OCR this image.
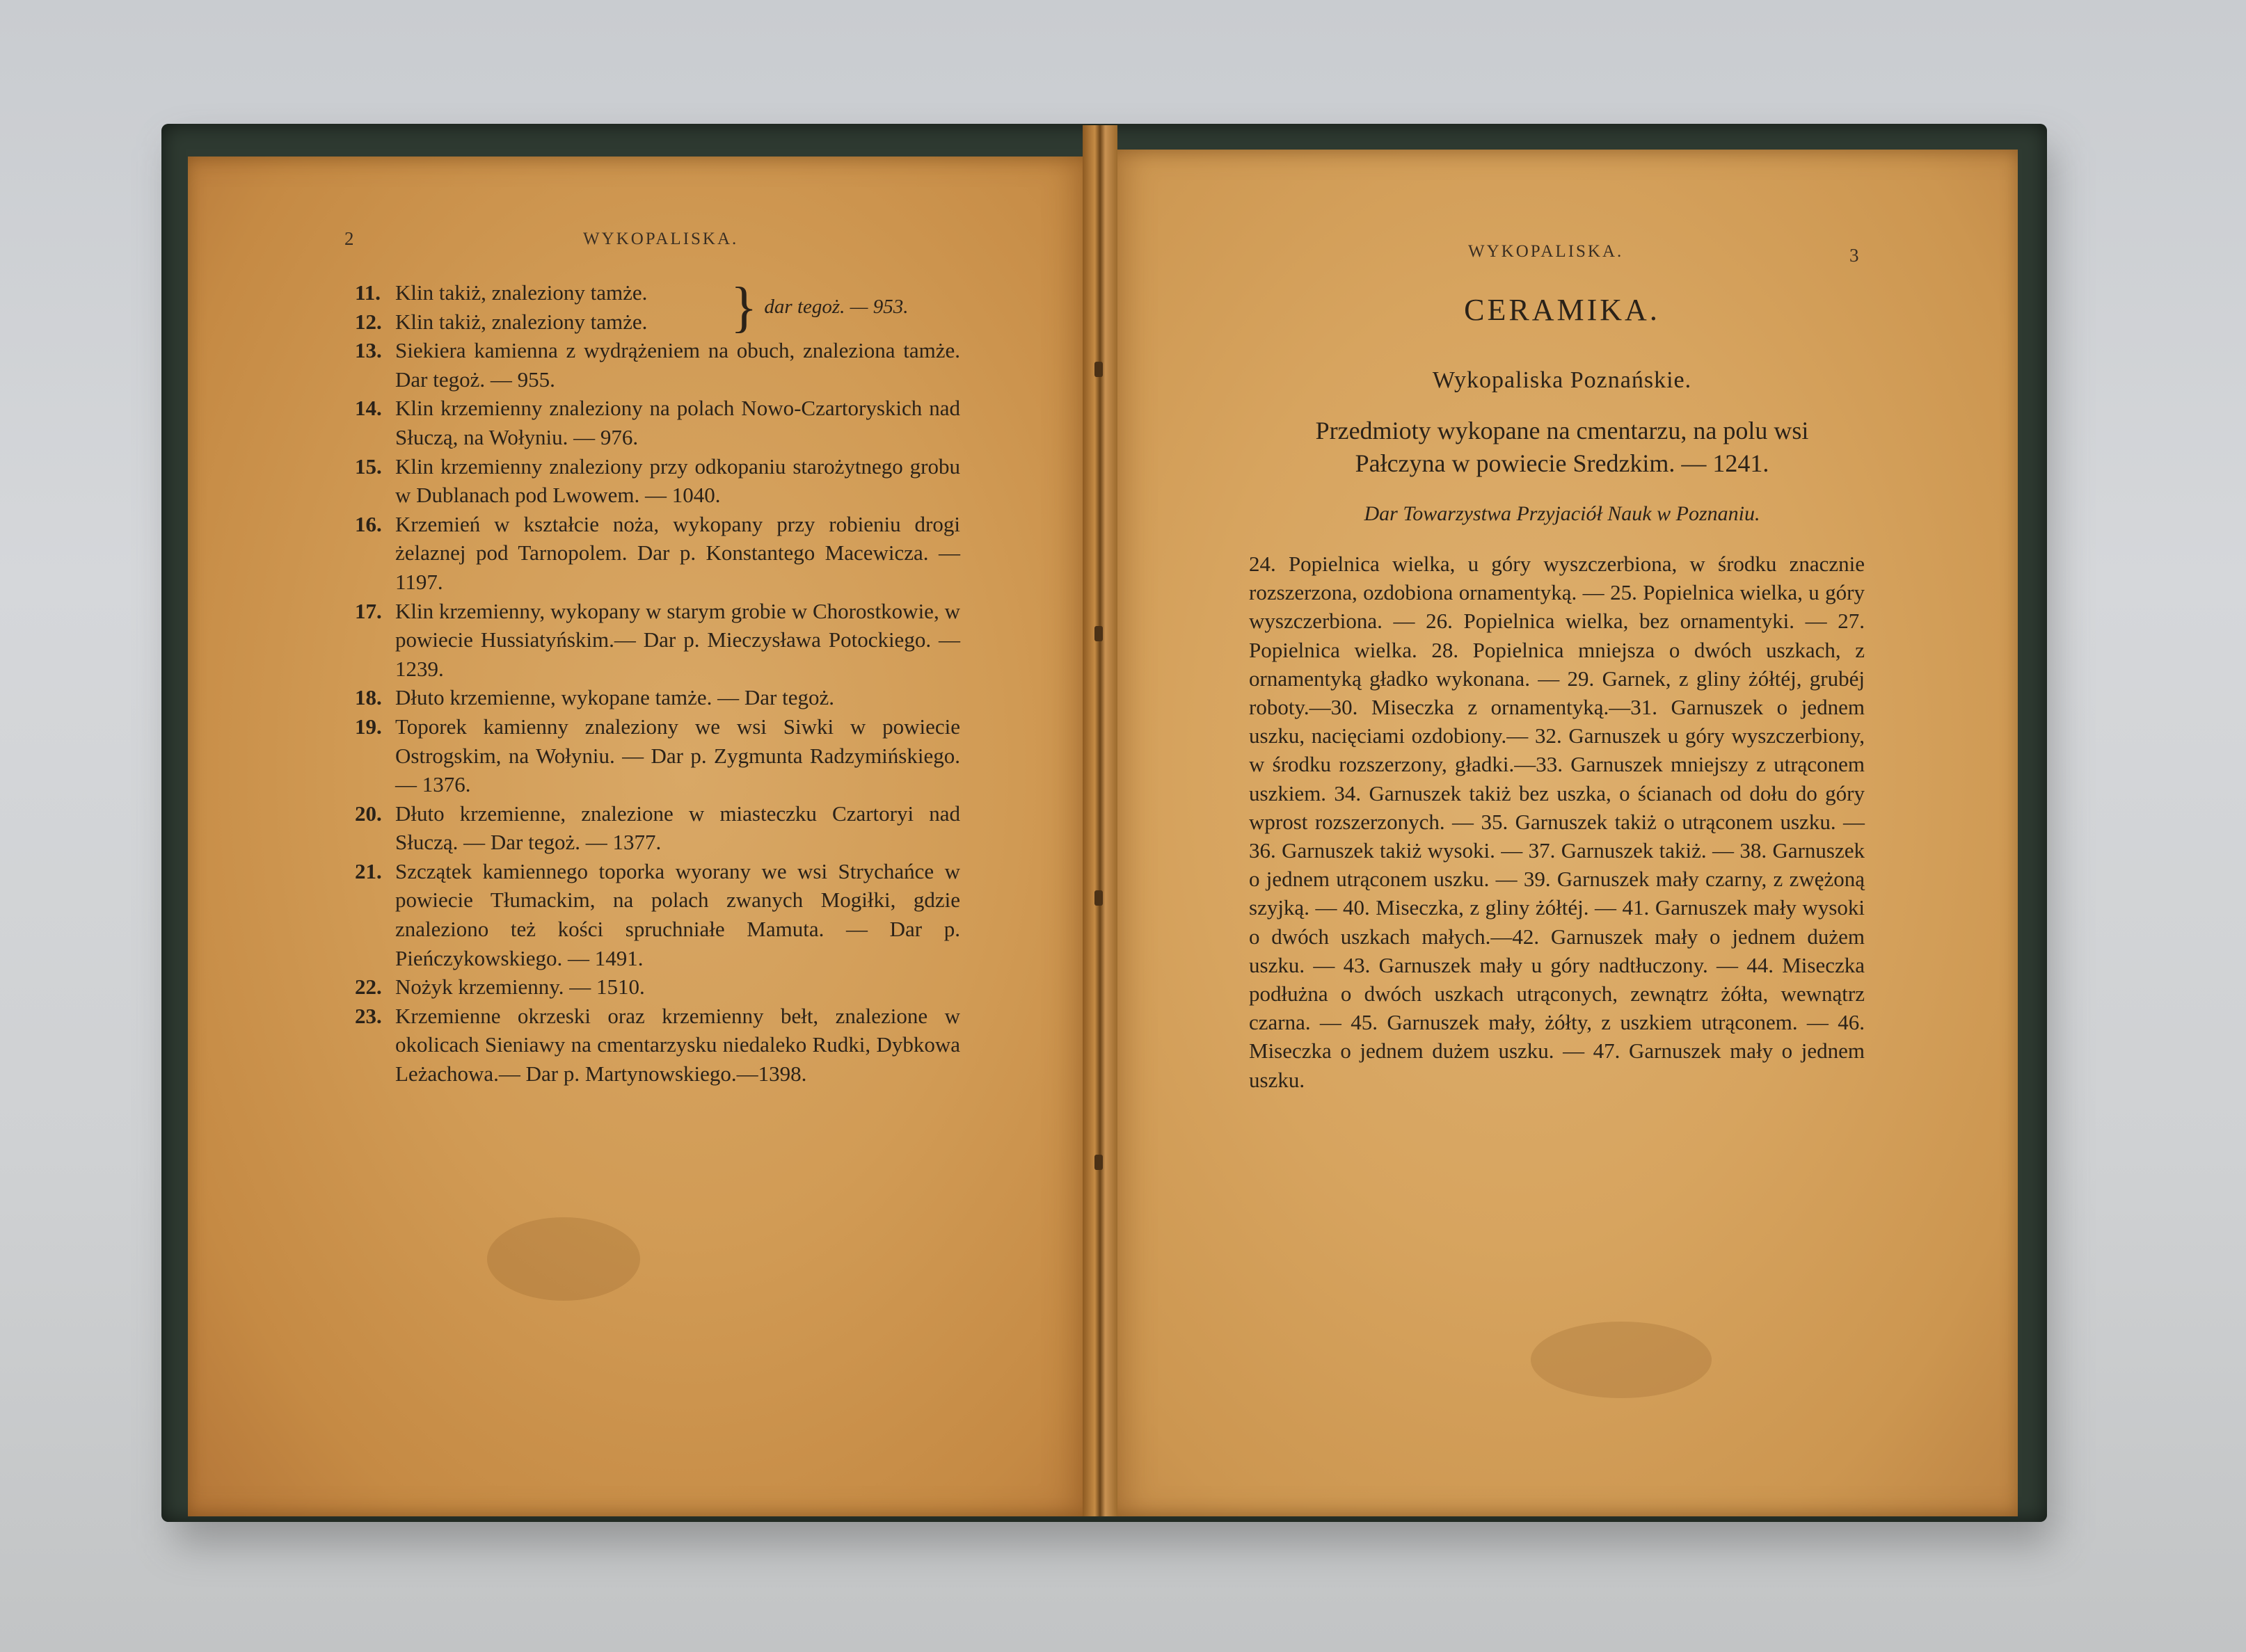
2	WYKOPALISKA.
11. Klin takiż, znaleziony tamże.
12. Klin takiż, znaleziony tamże.	} dar tegoż. — 953.
13. Siekiera kamienna z wydrążeniem na obuch, znaleziona tamże. Dar tegoż. — 955.
14. Klin krzemienny znaleziony na polach Nowo-Czartoryskich nad Słuczą, na Wołyniu. — 976.
15. Klin krzemienny znaleziony przy odkopaniu starożytnego grobu w Dublanach pod Lwowem. — 1040.
16. Krzemień w kształcie noża, wykopany przy robieniu drogi żelaznej pod Tarnopolem. Dar p. Konstantego Macewicza. — 1197.
17. Klin krzemienny, wykopany w starym grobie w Chorostkowie, w powiecie Hussiatyńskim.— Dar p. Mieczysława Potockiego. — 1239.
18. Dłuto krzemienne, wykopane tamże. — Dar tegoż.
19. Toporek kamienny znaleziony we wsi Siwki w powiecie Ostrogskim, na Wołyniu. — Dar p. Zygmunta Radzymińskiego. — 1376.
20. Dłuto krzemienne, znalezione w miasteczku Czartoryi nad Słuczą. — Dar tegoż. — 1377.
21. Szczątek kamiennego toporka wyorany we wsi Strychańce w powiecie Tłumackim, na polach zwanych Mogiłki, gdzie znaleziono też kości spruchniałe Mamuta. — Dar p. Pieńczykowskiego. — 1491.
22. Nożyk krzemienny. — 1510.
23. Krzemienne okrzeski oraz krzemienny bełt, znalezione w okolicach Sieniawy na cmentarzysku niedaleko Rudki, Dybkowa Leżachowa.— Dar p. Martynowskiego.—1398.
WYKOPALISKA.	3
CERAMIKA.
Wykopaliska Poznańskie.
Przedmioty wykopane na cmentarzu, na polu wsi
Pałczyna w powiecie Sredzkim. — 1241.
Dar Towarzystwa Przyjaciół Nauk w Poznaniu.
24. Popielnica wielka, u góry wyszczerbiona, w środku znacznie rozszerzona, ozdobiona ornamentyką. — 25. Popielnica wielka, u góry wyszczerbiona. — 26. Popielnica wielka, bez ornamentyki. — 27. Popielnica wielka. 28. Popielnica mniejsza o dwóch uszkach, z ornamentyką gładko wykonana. — 29. Garnek, z gliny żółtéj, grubéj roboty.—30. Miseczka z ornamentyką.—31. Garnuszek o jednem uszku, nacięciami ozdobiony.— 32. Garnuszek u góry wyszczerbiony, w środku rozszerzony, gładki.—33. Garnuszek mniejszy z utrąconem uszkiem. 34. Garnuszek takiż bez uszka, o ścianach od dołu do góry wprost rozszerzonych. — 35. Garnuszek takiż o utrąconem uszku. — 36. Garnuszek takiż wysoki. — 37. Garnuszek takiż. — 38. Garnuszek o jednem utrąconem uszku. — 39. Garnuszek mały czarny, z zwężoną szyjką. — 40. Miseczka, z gliny żółtéj. — 41. Garnuszek mały wysoki o dwóch uszkach małych.—42. Garnuszek mały o jednem dużem uszku. — 43. Garnuszek mały u góry nadtłuczony. — 44. Miseczka podłużna o dwóch uszkach utrąconych, zewnątrz żółta, wewnątrz czarna. — 45. Garnuszek mały, żółty, z uszkiem utrąconem. — 46. Miseczka o jednem dużem uszku. — 47. Garnuszek mały o jednem uszku.
